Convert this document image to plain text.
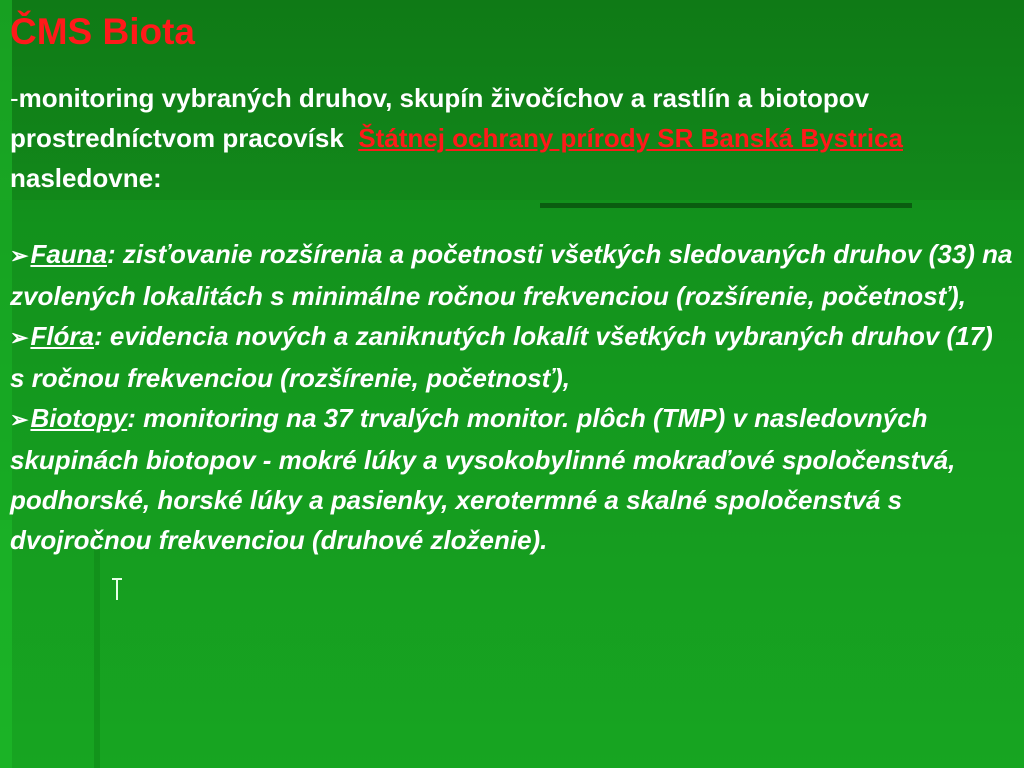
ČMS Biota
-monitoring vybraných druhov, skupín živočíchov a rastlín a biotopov prostredníctvom pracovísk  Štátnej ochrany prírody SR Banská Bystrica nasledovne:
➢Fauna: zisťovanie rozšírenia a početnosti všetkých sledovaných druhov (33) na zvolených lokalitách s minimálne ročnou frekvenciou (rozšírenie, početnosť),
➢Flóra: evidencia nových a zaniknutých lokalít všetkých vybraných druhov (17) s ročnou frekvenciou (rozšírenie, početnosť),
➢Biotopy: monitoring na 37 trvalých monitor. plôch (TMP) v nasledovných skupinách biotopov - mokré lúky a vysokobylinné mokraďové spoločenstvá, podhorské, horské lúky a pasienky, xerotermné a skalné spoločenstvá s dvojročnou frekvenciou (druhové zloženie).
